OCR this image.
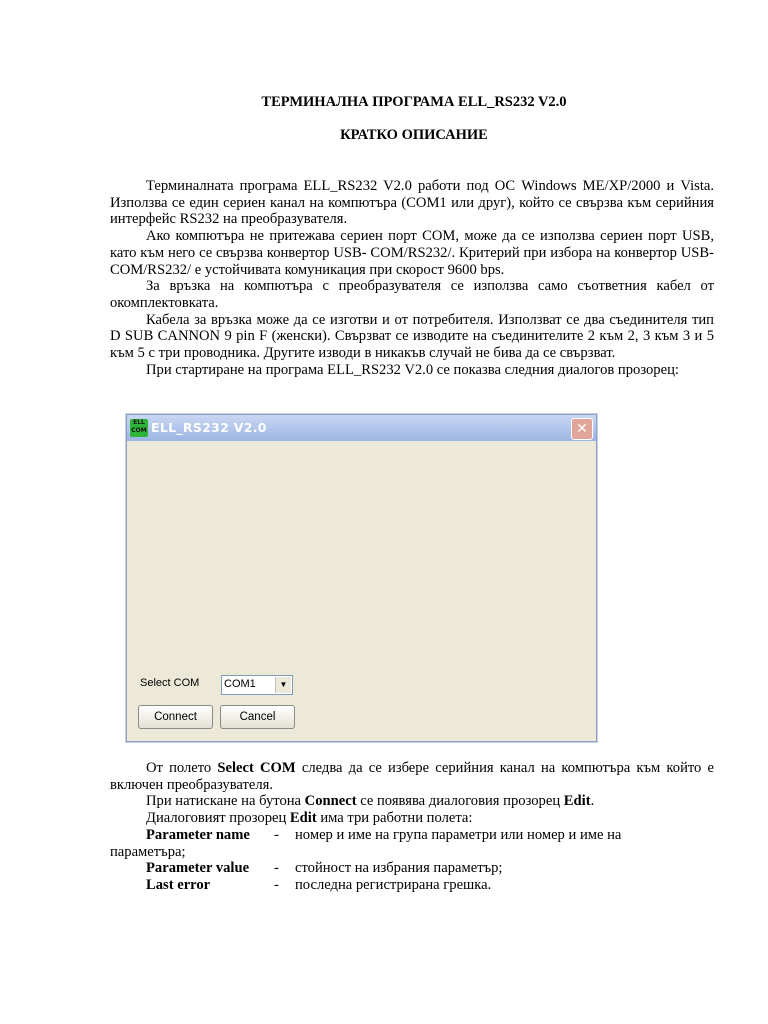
ТЕРМИНАЛНА ПРОГРАМА ELL_RS232 V2.0
КРАТКО ОПИСАНИЕ

Терминалната програма ELL_RS232 V2.0 работи под ОС Windows ME/XP/2000 и Vista. Използва се един сериен канал на компютъра (COM1 или друг), който се свързва към серийния интерфейс RS232 на преобразувателя.

Ако компютъра не притежава сериен порт COM, може да се използва сериен порт USB, като към него се свързва конвертор USB- COM/RS232/. Критерий при избора на конвертор USB- COM/RS232/ е устойчивата комуникация при скорост 9600 bps.

За връзка на компютъра с преобразувателя се използва само съответния кабел от окомплектовката.

Кабела за връзка може да се изготви и от потребителя. Използват се два съединителя тип D SUB CANNON 9 pin F (женски). Свързват се изводите на съединителите 2 към 2, 3 към 3 и 5 към 5 с три проводника. Другите изводи в никакъв случай не бива да се свързват.

При стартиране на програма ELL_RS232 V2.0 се показва следния диалогов прозорец:

ELL COM ELL_RS232 V2.0	✕
Select COM COM1	▼
Connect	Cancel

От полето Select COM следва да се избере серийния канал на компютъра към който е включен преобразувателя.

При натискане на бутона Connect се появява диалоговия прозорец Edit.

Диалоговият прозорец Edit има три работни полета:

Parameter name - номер и име на група параметри или номер и име на
параметъра;
Parameter value - стойност на избрания параметър;
Last error	- последна регистрирана грешка.
